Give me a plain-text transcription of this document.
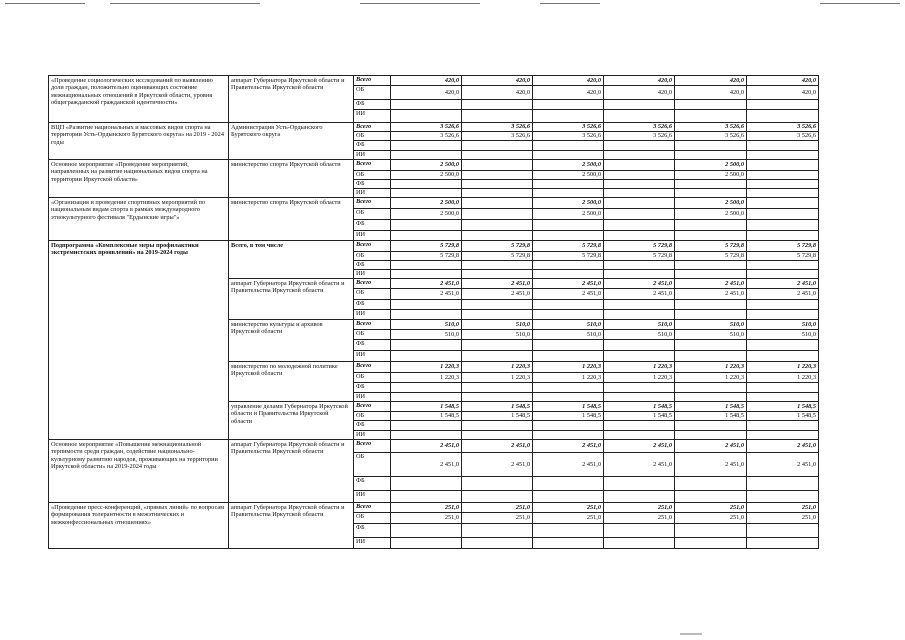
«Проведение социологических исследований по выявлению доли граждан, положительно оценивающих состояние межнациональных отношений в Иркутской области, уровня общегражданской гражданской идентичности»	аппарат Губернатора Иркутской области и Правительства Иркутской области	Всего	420,0	420,0	420,0	420,0	420,0	420,0
		ОБ	420,0	420,0	420,0	420,0	420,0	420,0
		ФБ						
		ИИ						
ВЦП «Развитие национальных и массовых видов спорта на территории Усть-Ордынского Бурятского округа» на 2019 - 2024 годы	Администрация Усть-Ордынского Бурятского округа	Всего	3 526,6	3 526,6	3 526,6	3 526,6	3 526,6	3 526,6
		ОБ	3 526,6	3 526,6	3 526,6	3 526,6	3 526,6	3 526,6
		ФБ						
		ИИ						
Основное мероприятие «Проведение мероприятий, направленных на развитие национальных видов спорта на территории Иркутской области»	министерство спорта Иркутской области	Всего	2 500,0		2 500,0		2 500,0	
		ОБ	2 500,0		2 500,0		2 500,0	
		ФБ						
		ИИ						
«Организация и проведение спортивных мероприятий по национальным видам спорта в рамках международного этнокультурного фестиваля "Ердынские игры"»	министерство спорта Иркутской области	Всего	2 500,0		2 500,0		2 500,0	
		ОБ	2 500,0		2 500,0		2 500,0	
		ФБ						
		ИИ						
Подпрограмма «Комплексные меры профилактики экстремистских проявлений» на 2019-2024 годы	Всего, в том числе	Всего	5 729,8	5 729,8	5 729,8	5 729,8	5 729,8	5 729,8
		ОБ	5 729,8	5 729,8	5 729,8	5 729,8	5 729,8	5 729,8
		ФБ						
		ИИ						
	аппарат Губернатора Иркутской области и Правительства Иркутской области	Всего	2 451,0	2 451,0	2 451,0	2 451,0	2 451,0	2 451,0
		ОБ	2 451,0	2 451,0	2 451,0	2 451,0	2 451,0	2 451,0
		ФБ						
		ИИ						
	министерство культуры и архивов Иркутской области	Всего	510,0	510,0	510,0	510,0	510,0	510,0
		ОБ	510,0	510,0	510,0	510,0	510,0	510,0
		ФБ						
		ИИ						
	министерство по молодежной политике Иркутской области	Всего	1 220,3	1 220,3	1 220,3	1 220,3	1 220,3	1 220,3
		ОБ	1 220,3	1 220,3	1 220,3	1 220,3	1 220,3	1 220,3
		ФБ						
		ИИ						
	управление делами Губернатора Иркутской области и Правительства Иркутской области	Всего	1 548,5	1 548,5	1 548,5	1 548,5	1 548,5	1 548,5
		ОБ	1 548,5	1 548,5	1 548,5	1 548,5	1 548,5	1 548,5
		ФБ						
		ИИ						
Основное мероприятие «Повышение межнациональной терпимости среди граждан, содействие национально-культурному развитию народов, проживающих на территории Иркутской области» на 2019-2024 годы	аппарат Губернатора Иркутской области и Правительства Иркутской области	Всего	2 451,0	2 451,0	2 451,0	2 451,0	2 451,0	2 451,0
		ОБ	2 451,0	2 451,0	2 451,0	2 451,0	2 451,0	2 451,0
		ФБ						
		ИИ						
«Проведение пресс-конференций, «прямых линий» по вопросам формирования толерантности в межэтнических и межконфессиональных отношениях»	аппарат Губернатора Иркутской области и Правительства Иркутской области	Всего	251,0	251,0	251,0	251,0	251,0	251,0
		ОБ	251,0	251,0	251,0	251,0	251,0	251,0
		ФБ						
		ИИ						
